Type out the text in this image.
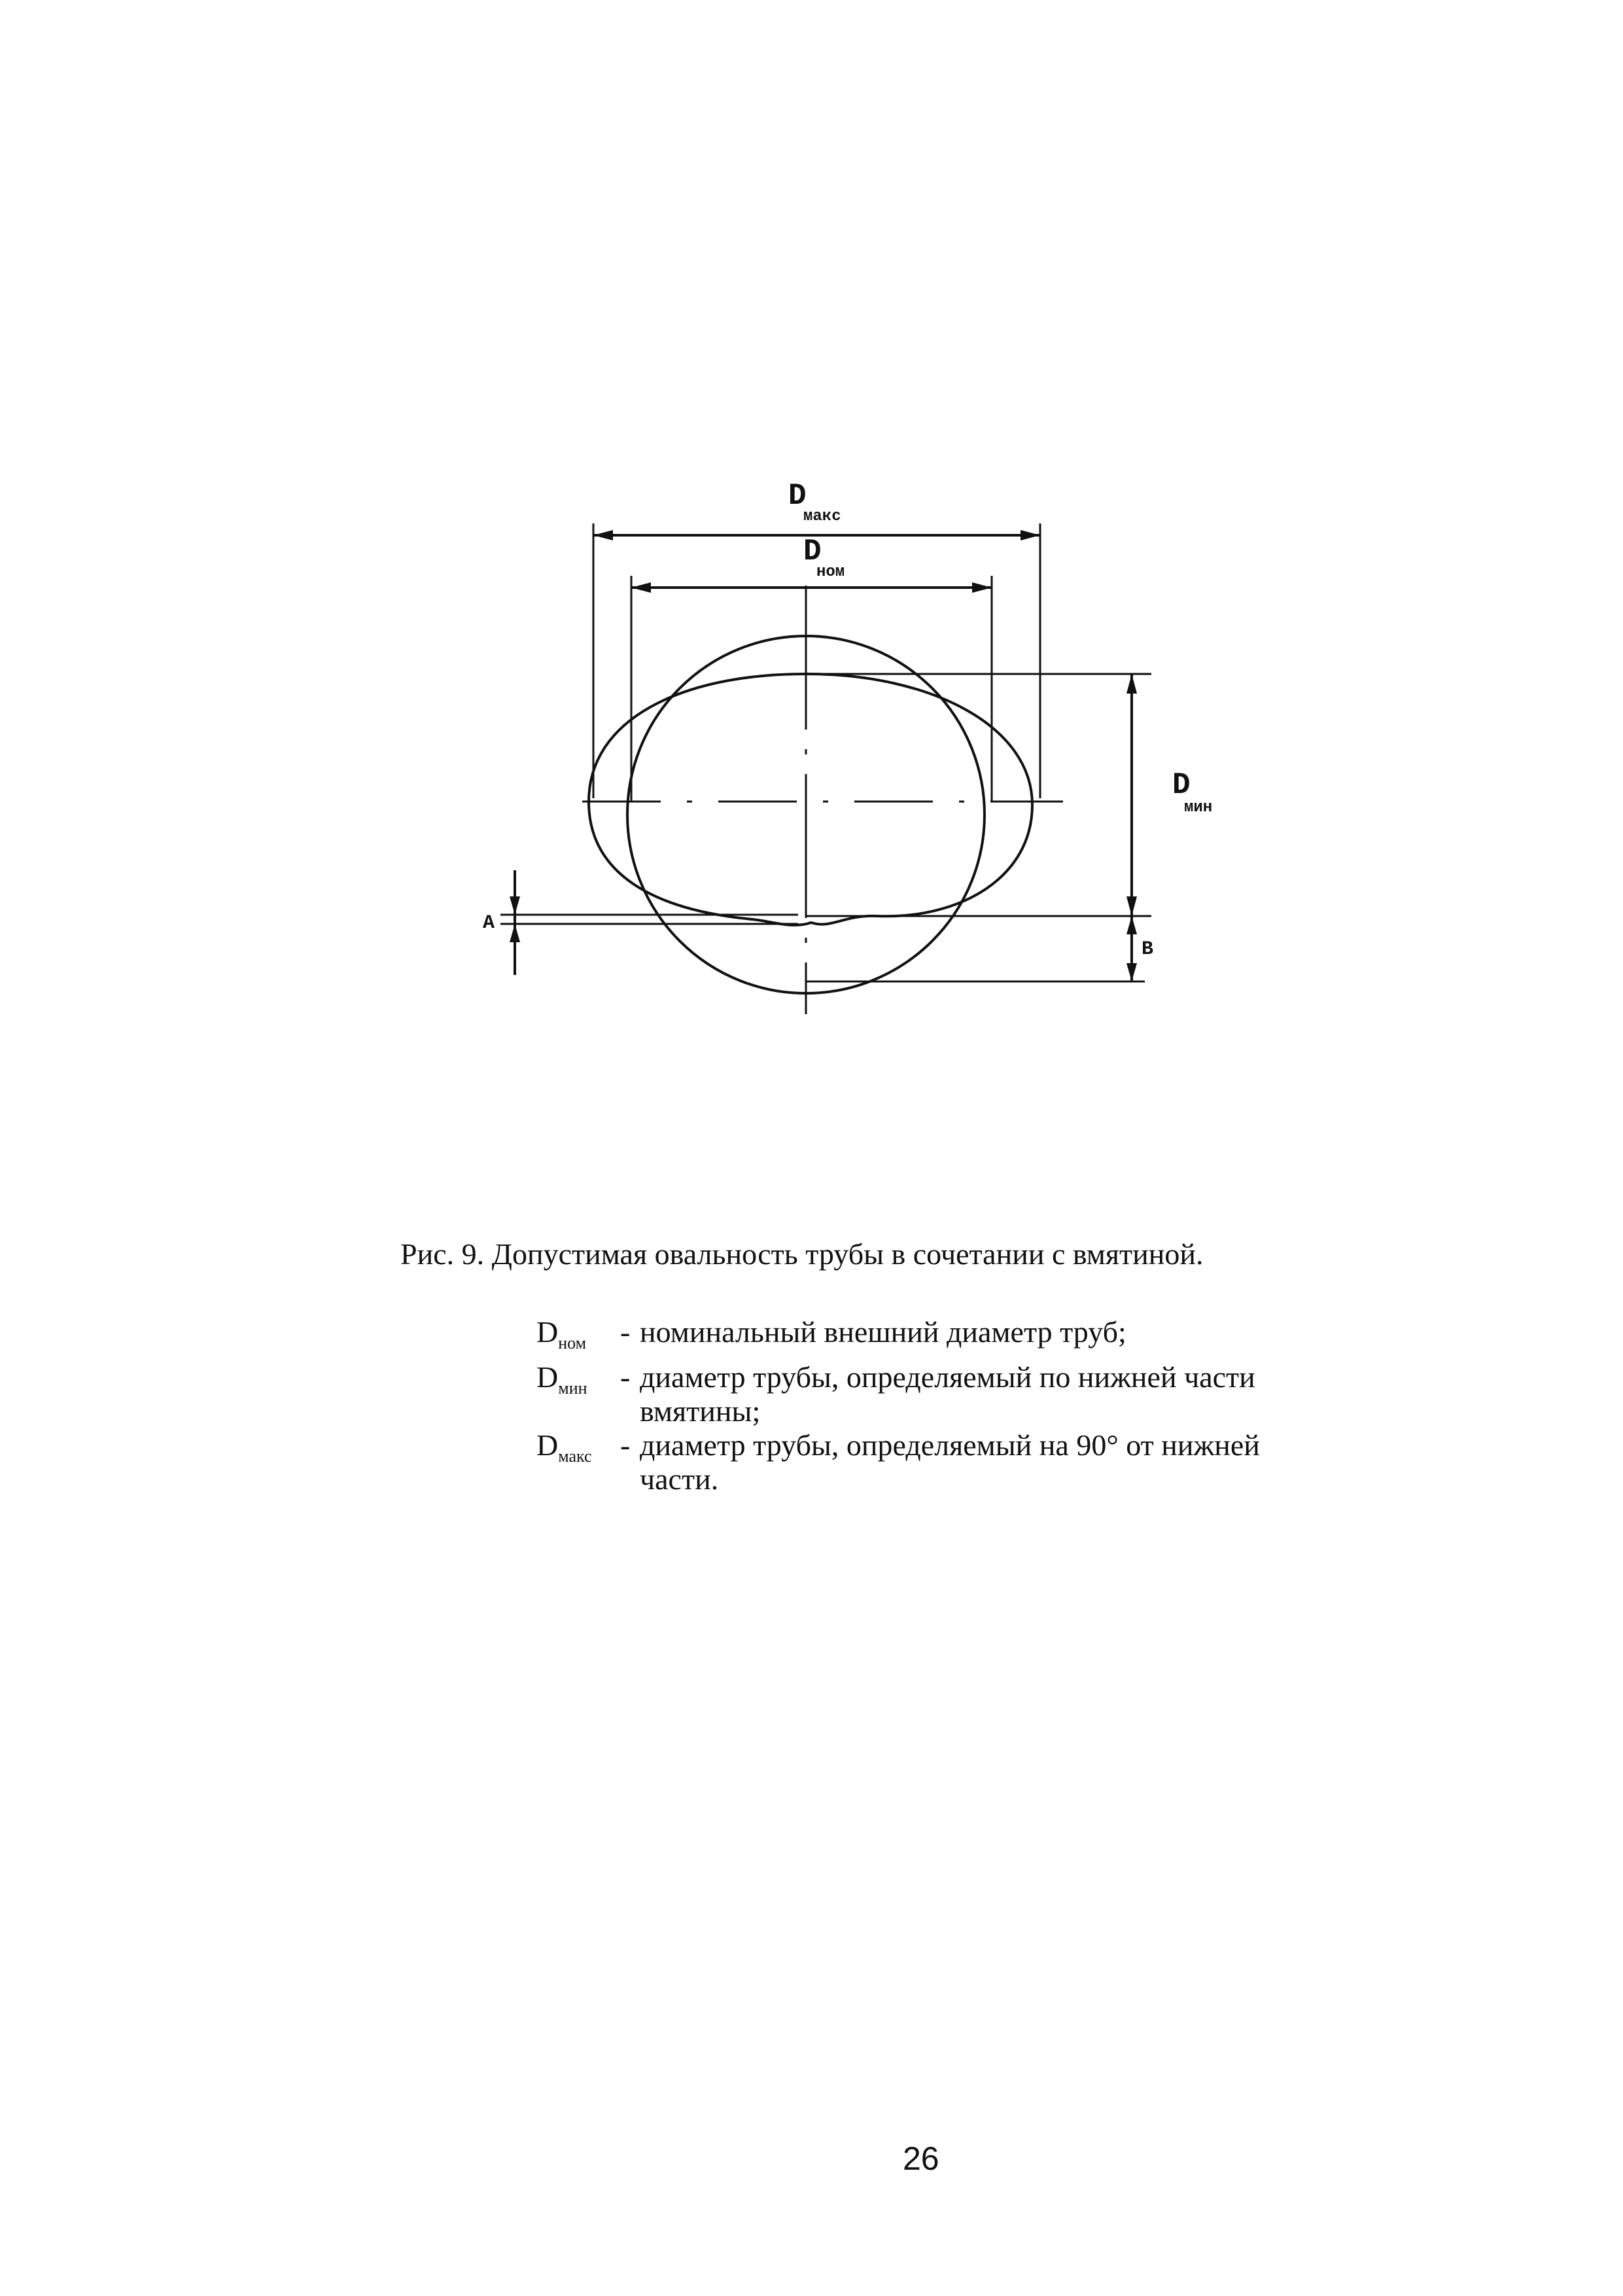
D
макс
D
ном
D
мин
А
В
Рис. 9. Допустимая овальность трубы в сочетании с вмятиной.
$D_{ном}$	- номинальный внешний диаметр труб;
$D_{мин}$	- диаметр трубы, определяемый по нижней части вмятины;
$D_{макс}$ - диаметр трубы, определяемый на 90° от нижней части.
26
